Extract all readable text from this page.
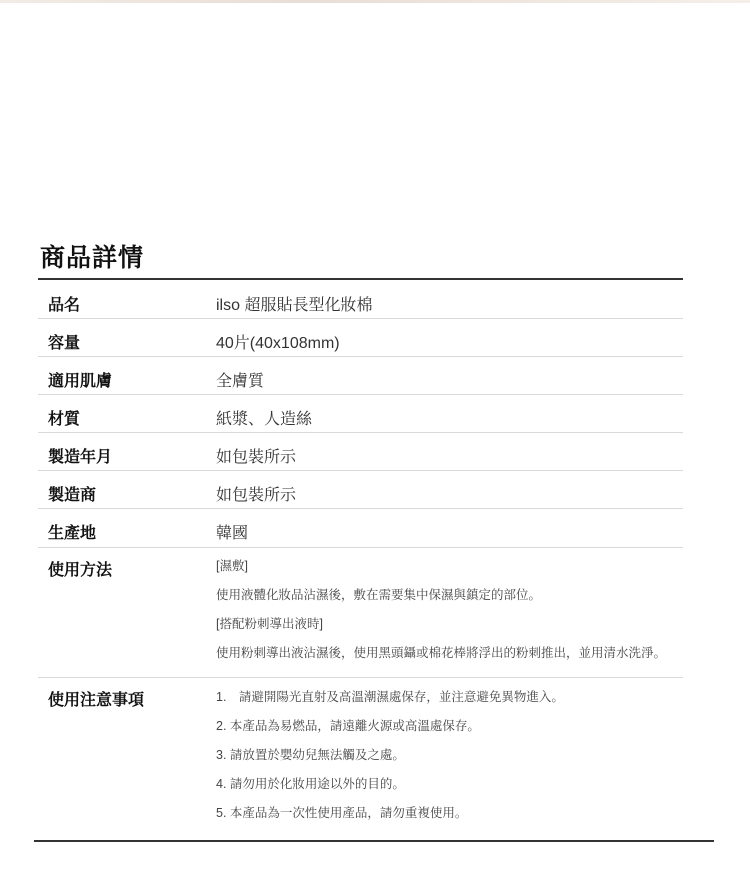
商品詳情
品名	ilso 超服貼長型化妝棉
容量	40片(40x108mm)
適用肌膚	全膚質
材質	紙漿、人造絲
製造年月	如包裝所示
製造商	如包裝所示
生產地	韓國
使用方法	[濕敷]
使用液體化妝品沾濕後，敷在需要集中保濕與鎮定的部位。
[搭配粉刺導出液時]
使用粉刺導出液沾濕後，使用黑頭鑷或棉花棒將浮出的粉刺推出，並用清水洗淨。
使用注意事項	1.　請避開陽光直射及高溫潮濕處保存，並注意避免異物進入。
2. 本產品為易燃品，請遠離火源或高溫處保存。
3. 請放置於嬰幼兒無法觸及之處。
4. 請勿用於化妝用途以外的目的。
5. 本產品為一次性使用產品，請勿重複使用。
